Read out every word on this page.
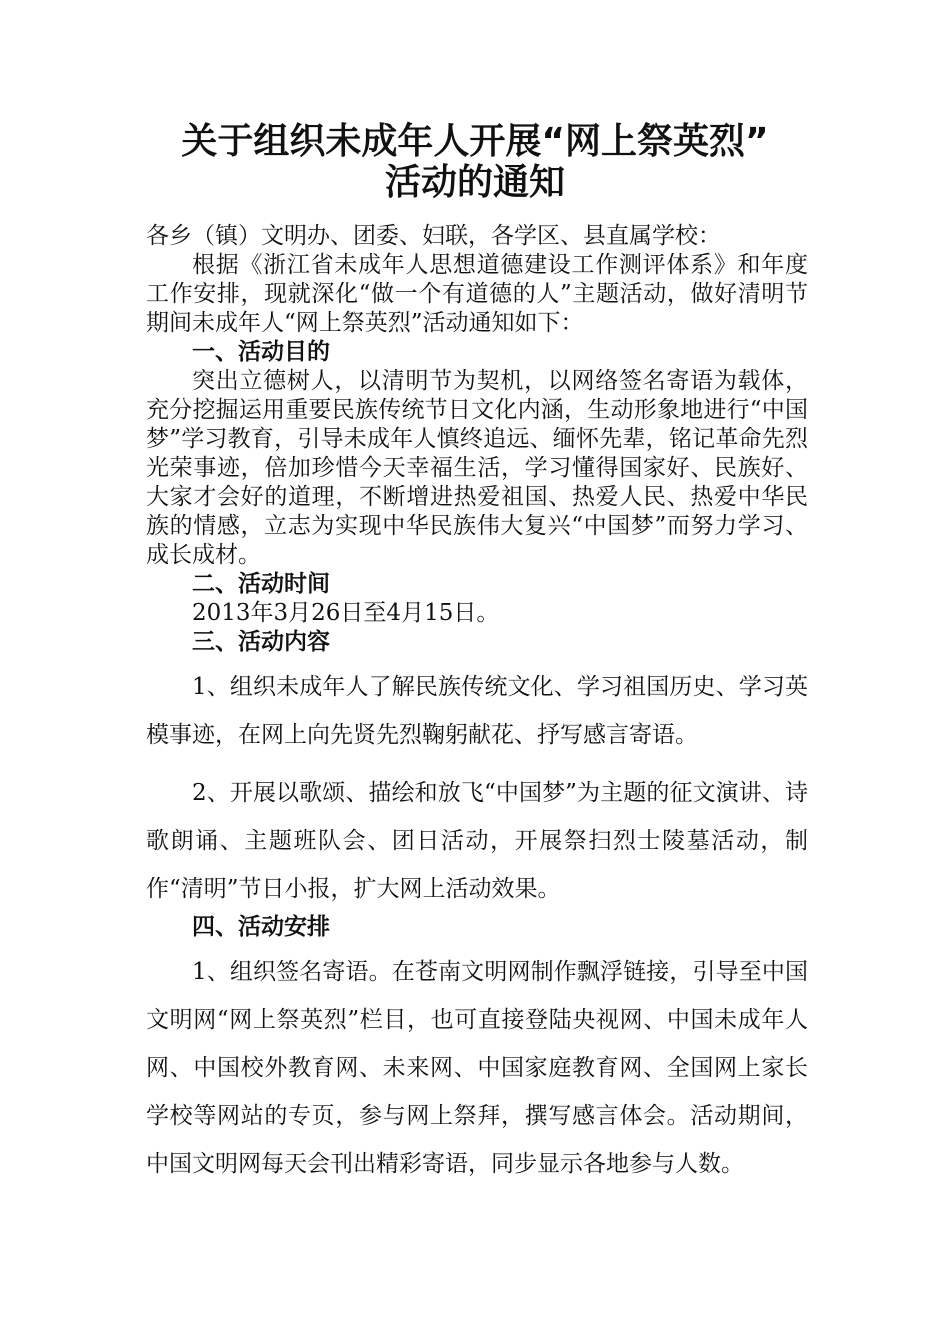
关于组织未成年人开展“网上祭英烈”
活动的通知

各乡（镇）文明办、团委、妇联，各学区、县直属学校：

根据《浙江省未成年人思想道德建设工作测评体系》和年度工作安排，现就深化“做一个有道德的人”主题活动，做好清明节期间未成年人“网上祭英烈”活动通知如下：

一、活动目的

突出立德树人，以清明节为契机，以网络签名寄语为载体，充分挖掘运用重要民族传统节日文化内涵，生动形象地进行“中国梦”学习教育，引导未成年人慎终追远、缅怀先辈，铭记革命先烈光荣事迹，倍加珍惜今天幸福生活，学习懂得国家好、民族好、大家才会好的道理，不断增进热爱祖国、热爱人民、热爱中华民族的情感，立志为实现中华民族伟大复兴“中国梦”而努力学习、成长成材。

二、活动时间

2013年3月26日至4月15日。

三、活动内容

1、组织未成年人了解民族传统文化、学习祖国历史、学习英模事迹，在网上向先贤先烈鞠躬献花、抒写感言寄语。

2、开展以歌颂、描绘和放飞“中国梦”为主题的征文演讲、诗歌朗诵、主题班队会、团日活动，开展祭扫烈士陵墓活动，制作“清明”节日小报，扩大网上活动效果。

四、活动安排

1、组织签名寄语。在苍南文明网制作飘浮链接，引导至中国文明网“网上祭英烈”栏目，也可直接登陆央视网、中国未成年人网、中国校外教育网、未来网、中国家庭教育网、全国网上家长学校等网站的专页，参与网上祭拜，撰写感言体会。活动期间，中国文明网每天会刊出精彩寄语，同步显示各地参与人数。
